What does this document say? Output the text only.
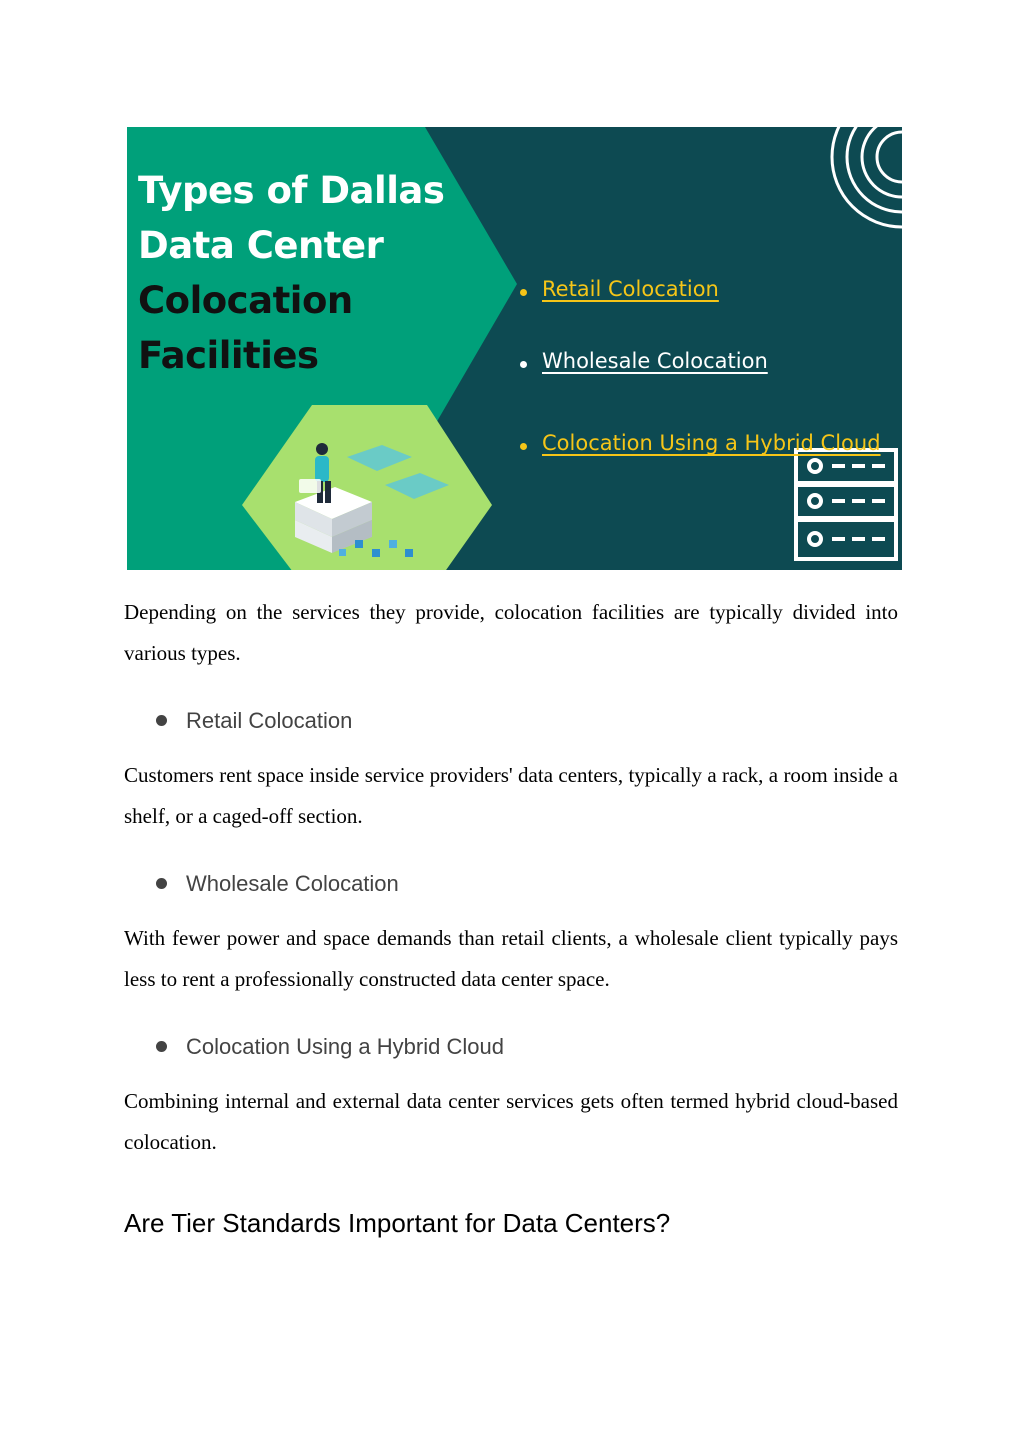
Types of Dallas
Data Center
Colocation
Facilities
Retail Colocation
Wholesale Colocation
Colocation Using a Hybrid Cloud

Depending on the services they provide, colocation facilities are typically divided into various types.

Retail Colocation

Customers rent space inside service providers' data centers, typically a rack, a room inside a shelf, or a caged-off section.

Wholesale Colocation

With fewer power and space demands than retail clients, a wholesale client typically pays less to rent a professionally constructed data center space.

Colocation Using a Hybrid Cloud

Combining internal and external data center services gets often termed hybrid cloud-based colocation.

Are Tier Standards Important for Data Centers?
